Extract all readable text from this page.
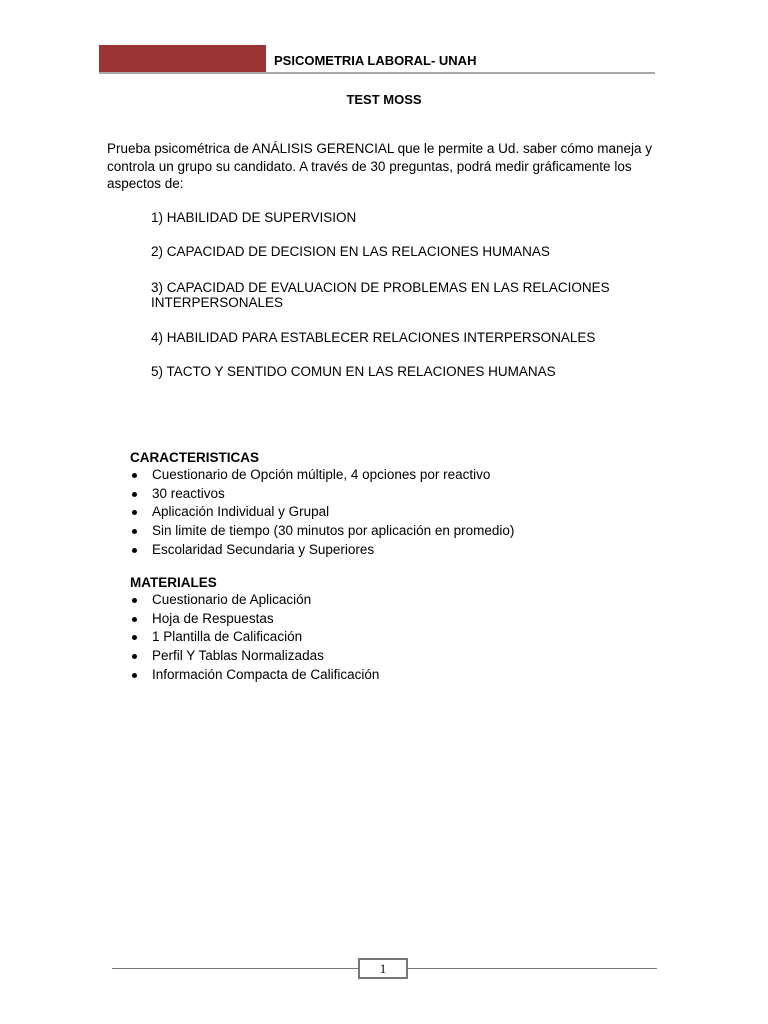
PSICOMETRIA LABORAL- UNAH
TEST MOSS
Prueba psicométrica de ANÁLISIS GERENCIAL que le permite a Ud. saber cómo maneja y controla un grupo su candidato. A través de 30 preguntas, podrá medir gráficamente los aspectos de:
1) HABILIDAD DE SUPERVISION
2) CAPACIDAD DE DECISION EN LAS RELACIONES HUMANAS
3) CAPACIDAD DE EVALUACION DE PROBLEMAS EN LAS RELACIONES
INTERPERSONALES
4) HABILIDAD PARA ESTABLECER RELACIONES INTERPERSONALES
5) TACTO Y SENTIDO COMUN EN LAS RELACIONES HUMANAS
CARACTERISTICAS
Cuestionario de Opción múltiple, 4 opciones por reactivo
30 reactivos
Aplicación Individual y Grupal
Sin limite de tiempo (30 minutos por aplicación en promedio)
Escolaridad Secundaria y Superiores
MATERIALES
Cuestionario de Aplicación
Hoja de Respuestas
1 Plantilla de Calificación
Perfil Y Tablas Normalizadas
Información Compacta de Calificación
1
